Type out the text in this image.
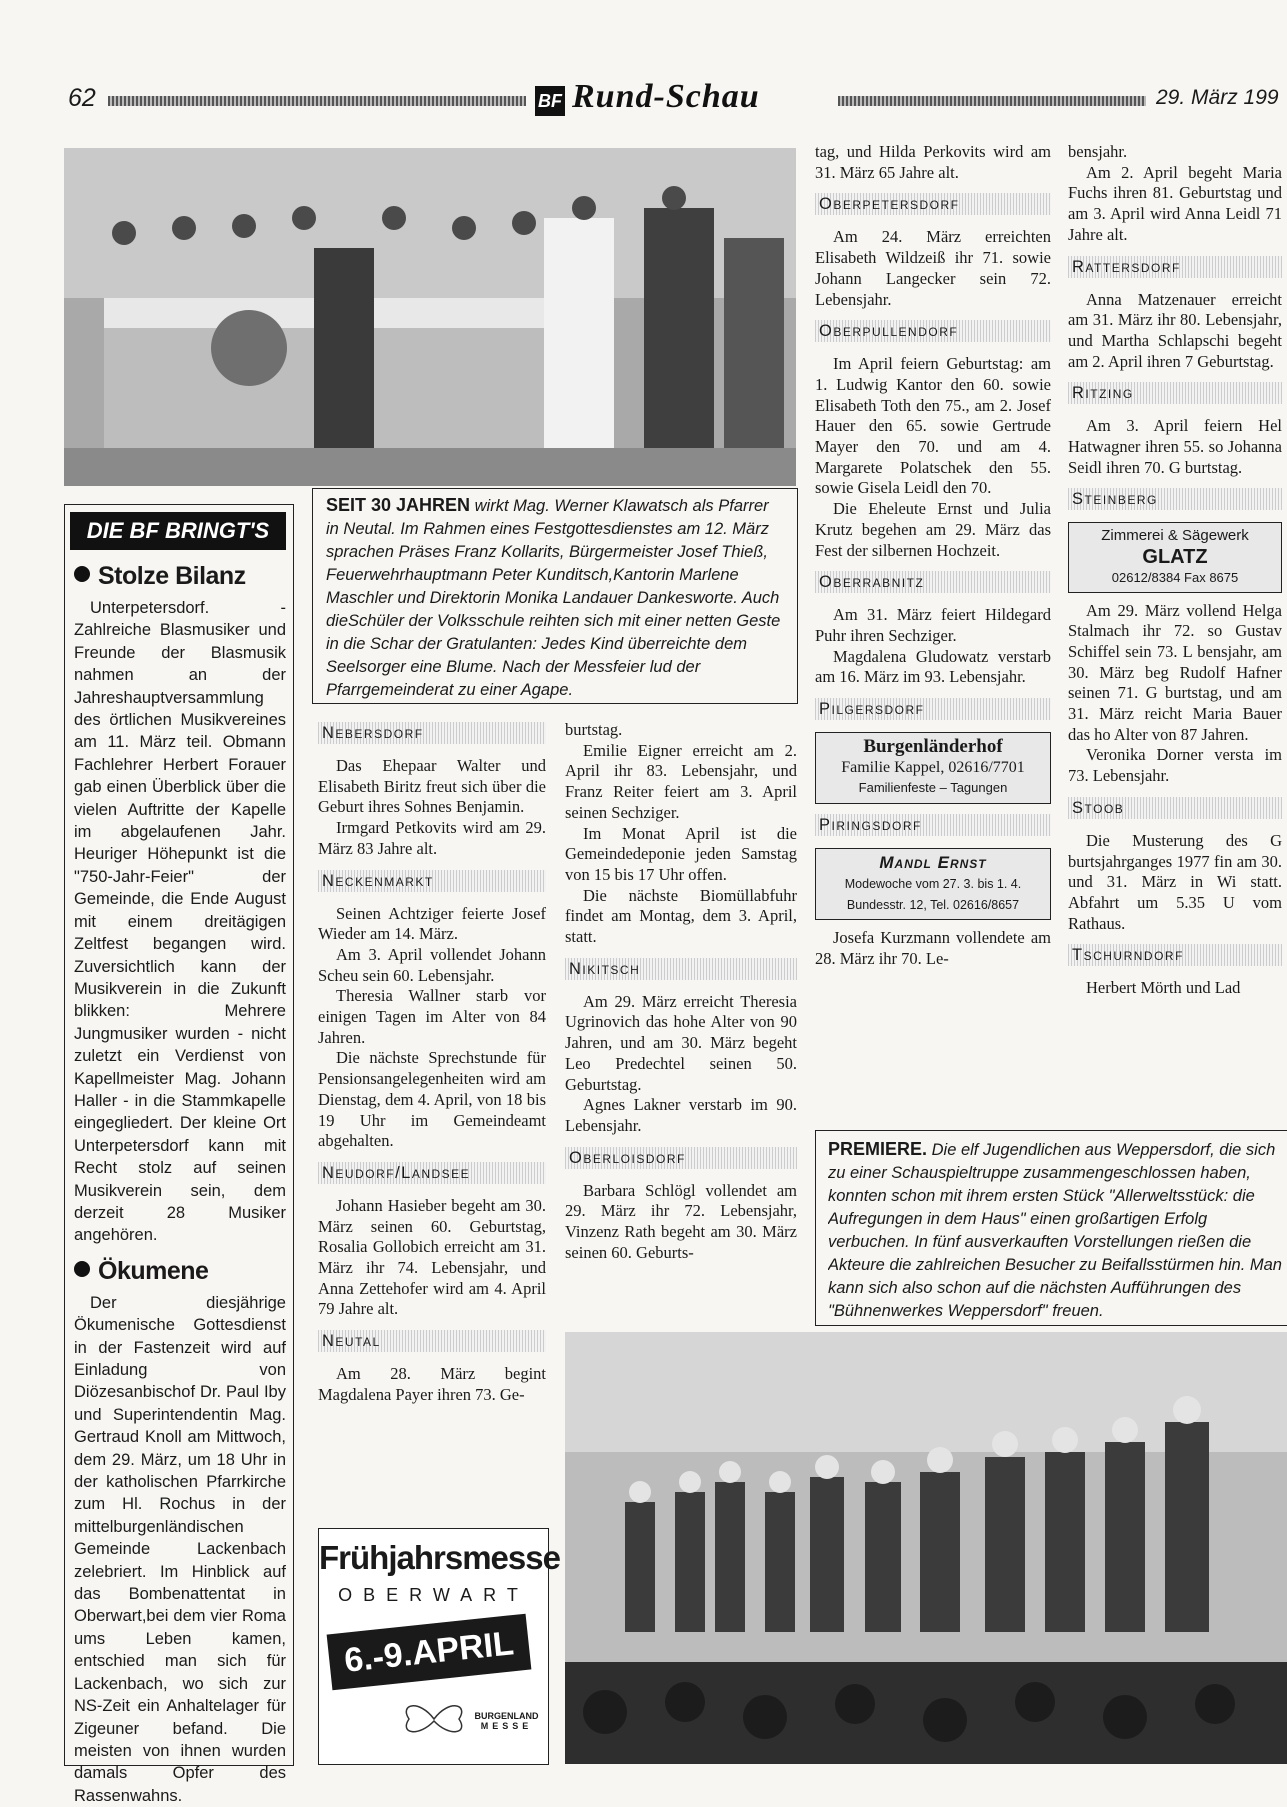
62	BF Rund-Schau	29. März 199
DIE BF BRINGT'S
Stolze Bilanz

Unterpetersdorf. - Zahlreiche Blasmusiker und Freunde der Blasmusik nahmen an der Jahreshauptversammlung des örtlichen Musikvereines am 11. März teil. Obmann Fachlehrer Herbert Forauer gab einen Überblick über die vielen Auftritte der Kapelle im abgelaufenen Jahr. Heuriger Höhepunkt ist die "750-Jahr-Feier" der Gemeinde, die Ende August mit einem dreitägigen Zeltfest begangen wird. Zuversichtlich kann der Musikverein in die Zukunft blikken: Mehrere Jungmusiker wurden - nicht zuletzt ein Verdienst von Kapellmeister Mag. Johann Haller - in die Stammkapelle eingegliedert. Der kleine Ort Unterpetersdorf kann mit Recht stolz auf seinen Musikverein sein, dem derzeit 28 Musiker angehören.

Ökumene

Der diesjährige Ökumenische Gottesdienst in der Fastenzeit wird auf Einladung von Diözesanbischof Dr. Paul Iby und Superintendentin Mag. Gertraud Knoll am Mittwoch, dem 29. März, um 18 Uhr in der katholischen Pfarrkirche zum Hl. Rochus in der mittelburgenländischen Gemeinde Lackenbach zelebriert. Im Hinblick auf das Bombenattentat in Oberwart,bei dem vier Roma ums Leben kamen, entschied man sich für Lackenbach, wo sich zur NS-Zeit ein Anhaltelager für Zigeuner befand. Die meisten von ihnen wurden damals Opfer des Rassenwahns.

SEIT 30 JAHREN wirkt Mag. Werner Klawatsch als Pfarrer in Neutal. Im Rahmen eines Festgottesdienstes am 12. März sprachen Präses Franz Kollarits, Bürgermeister Josef Thieß, Feuerwehrhauptmann Peter Kunditsch,Kantorin Marlene Maschler und Direktorin Monika Landauer Dankesworte. Auch dieSchüler der Volksschule reihten sich mit einer netten Geste in die Schar der Gratulanten: Jedes Kind überreichte dem Seelsorger eine Blume. Nach der Messfeier lud der Pfarrgemeinderat zu einer Agape.
Nebersdorf

Das Ehepaar Walter und Elisabeth Biritz freut sich über die Geburt ihres Sohnes Benjamin.

Irmgard Petkovits wird am 29. März 83 Jahre alt.

Neckenmarkt

Seinen Achtziger feierte Josef Wieder am 14. März.

Am 3. April vollendet Johann Scheu sein 60. Lebensjahr.

Theresia Wallner starb vor einigen Tagen im Alter von 84 Jahren.

Die nächste Sprechstunde für Pensionsangelegenheiten wird am Dienstag, dem 4. April, von 18 bis 19 Uhr im Gemeindeamt abgehalten.

Neudorf/Landsee

Johann Hasieber begeht am 30. März seinen 60. Geburtstag, Rosalia Gollobich erreicht am 31. März ihr 74. Lebensjahr, und Anna Zettehofer wird am 4. April 79 Jahre alt.

Neutal

Am 28. März begint Magdalena Payer ihren 73. Ge-

burtstag.

Emilie Eigner erreicht am 2. April ihr 83. Lebensjahr, und Franz Reiter feiert am 3. April seinen Sechziger.

Im Monat April ist die Gemeindedeponie jeden Samstag von 15 bis 17 Uhr offen.

Die nächste Biomüllabfuhr findet am Montag, dem 3. April, statt.

Nikitsch

Am 29. März erreicht Theresia Ugrinovich das hohe Alter von 90 Jahren, und am 30. März begeht Leo Predechtel seinen 50. Geburtstag.

Agnes Lakner verstarb im 90. Lebensjahr.

Oberloisdorf

Barbara Schlögl vollendet am 29. März ihr 72. Lebensjahr, Vinzenz Rath begeht am 30. März seinen 60. Geburts-

tag, und Hilda Perkovits wird am 31. März 65 Jahre alt.

Oberpetersdorf

Am 24. März erreichten Elisabeth Wildzeiß ihr 71. sowie Johann Langecker sein 72. Lebensjahr.

Oberpullendorf

Im April feiern Geburtstag: am 1. Ludwig Kantor den 60. sowie Elisabeth Toth den 75., am 2. Josef Hauer den 65. sowie Gertrude Mayer den 70. und am 4. Margarete Polatschek den 55. sowie Gisela Leidl den 70.

Die Eheleute Ernst und Julia Krutz begehen am 29. März das Fest der silbernen Hochzeit.

Oberrabnitz

Am 31. März feiert Hildegard Puhr ihren Sechziger.

Magdalena Gludowatz verstarb am 16. März im 93. Lebensjahr.

Pilgersdorf
Burgenländerhof
Familie Kappel, 02616/7701
Familienfeste – Tagungen
Piringsdorf
Mandl Ernst
Modewoche vom 27. 3. bis 1. 4.
Bundesstr. 12, Tel. 02616/8657

Josefa Kurzmann vollendete am 28. März ihr 70. Le-

bensjahr.

Am 2. April begeht Maria Fuchs ihren 81. Geburtstag und am 3. April wird Anna Leidl 71 Jahre alt.

Rattersdorf

Anna Matzenauer erreicht am 31. März ihr 80. Lebensjahr, und Martha Schlapschi begeht am 2. April ihren 7 Geburtstag.

Ritzing

Am 3. April feiern Hel Hatwagner ihren 55. so Johanna Seidl ihren 70. G burtstag.

Steinberg
Zimmerei & Sägewerk
GLATZ
02612/8384 Fax 8675

Am 29. März vollend Helga Stalmach ihr 72. so Gustav Schiffel sein 73. L bensjahr, am 30. März beg Rudolf Hafner seinen 71. G burtstag, und am 31. März reicht Maria Bauer das ho Alter von 87 Jahren.

Veronika Dorner versta im 73. Lebensjahr.

Stoob

Die Musterung des G burtsjahrganges 1977 fin am 30. und 31. März in Wi statt. Abfahrt um 5.35 U vom Rathaus.

Tschurndorf

Herbert Mörth und Lad

PREMIERE. Die elf Jugendlichen aus Weppersdorf, die sich zu einer Schauspieltruppe zusammengeschlossen haben, konnten schon mit ihrem ersten Stück "Allerweltsstück: die Aufregungen in dem Haus" einen großartigen Erfolg verbuchen. In fünf ausverkauften Vorstellungen rießen die Akteure die zahlreichen Besucher zu Beifallsstürmen hin. Man kann sich also schon auf die nächsten Aufführungen des "Bühnenwerkes Weppersdorf" freuen.
Frühjahrsmesse
OBERWART
6.-9.APRIL
BURGENLAND
MESSE
